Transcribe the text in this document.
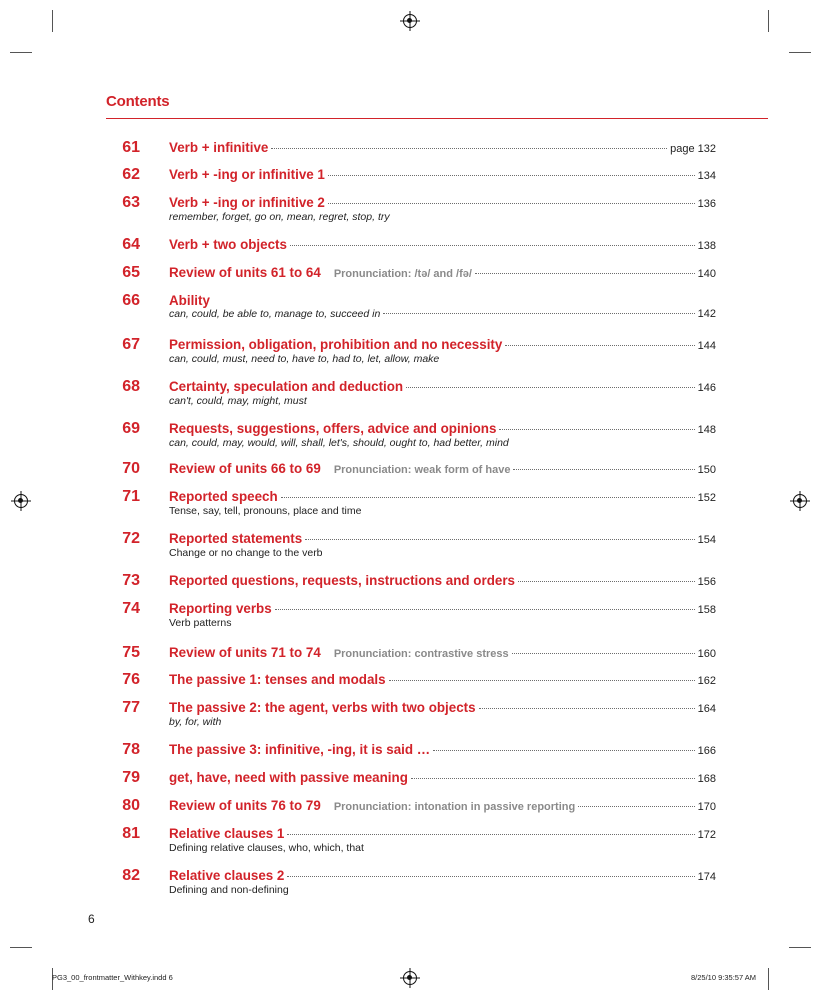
Contents
61 Verb + infinitive	page 132
62 Verb + -ing or infinitive 1	134
63 Verb + -ing or infinitive 2	136
remember, forget, go on, mean, regret, stop, try
64 Verb + two objects	138
65 Review of units 61 to 64 Pronunciation: /tə/ and /fə/	140
66 Ability
can, could, be able to, manage to, succeed in	142
67 Permission, obligation, prohibition and no necessity	144
can, could, must, need to, have to, had to, let, allow, make
68 Certainty, speculation and deduction	146
can't, could, may, might, must
69 Requests, suggestions, offers, advice and opinions	148
can, could, may, would, will, shall, let's, should, ought to, had better, mind
70 Review of units 66 to 69 Pronunciation: weak form of have	150
71 Reported speech	152
Tense, say, tell, pronouns, place and time
72 Reported statements	154
Change or no change to the verb
73 Reported questions, requests, instructions and orders	156
74 Reporting verbs	158
Verb patterns
75 Review of units 71 to 74 Pronunciation: contrastive stress	160
76 The passive 1: tenses and modals	162
77 The passive 2: the agent, verbs with two objects	164
by, for, with
78 The passive 3: infinitive, -ing, it is said …	166
79 get, have, need with passive meaning	168
80 Review of units 76 to 79 Pronunciation: intonation in passive reporting	170
81 Relative clauses 1	172
Defining relative clauses, who, which, that
82 Relative clauses 2	174
Defining and non-defining
6
PG3_00_frontmatter_Withkey.indd 6	8/25/10 9:35:57 AM
